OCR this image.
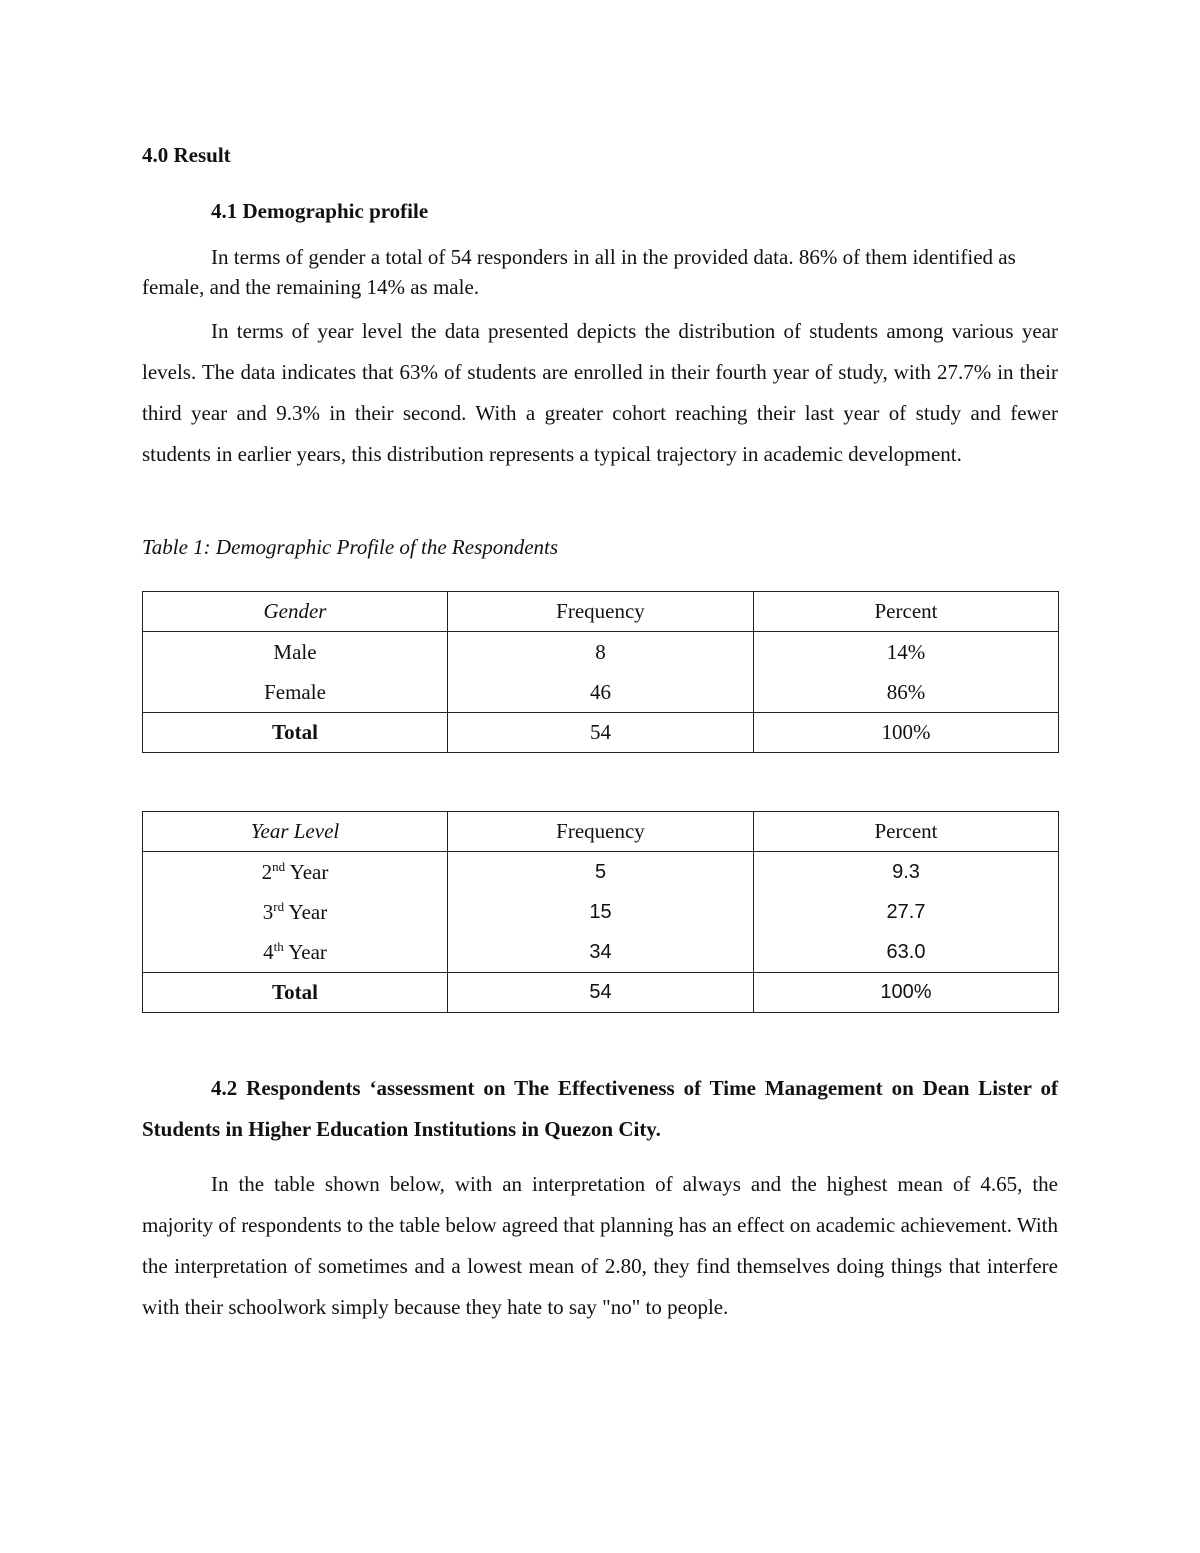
4.0 Result

4.1 Demographic profile

In terms of gender a total of 54 responders in all in the provided data. 86% of them identified as female, and the remaining 14% as male.

In terms of year level the data presented depicts the distribution of students among various year levels. The data indicates that 63% of students are enrolled in their fourth year of study, with 27.7% in their third year and 9.3% in their second. With a greater cohort reaching their last year of study and fewer students in earlier years, this distribution represents a typical trajectory in academic development.

Table 1: Demographic Profile of the Respondents

Gender	Frequency	Percent
Male	8	14%
Female	46	86%
Total	54	100%
Year Level	Frequency	Percent
2nd Year	5	9.3
3rd Year	15	27.7
4th Year	34	63.0
Total	54	100%

4.2 Respondents ‘assessment on The Effectiveness of Time Management on Dean Lister of Students in Higher Education Institutions in Quezon City.

In the table shown below, with an interpretation of always and the highest mean of 4.65, the majority of respondents to the table below agreed that planning has an effect on academic achievement. With the interpretation of sometimes and a lowest mean of 2.80, they find themselves doing things that interfere with their schoolwork simply because they hate to say "no" to people.
